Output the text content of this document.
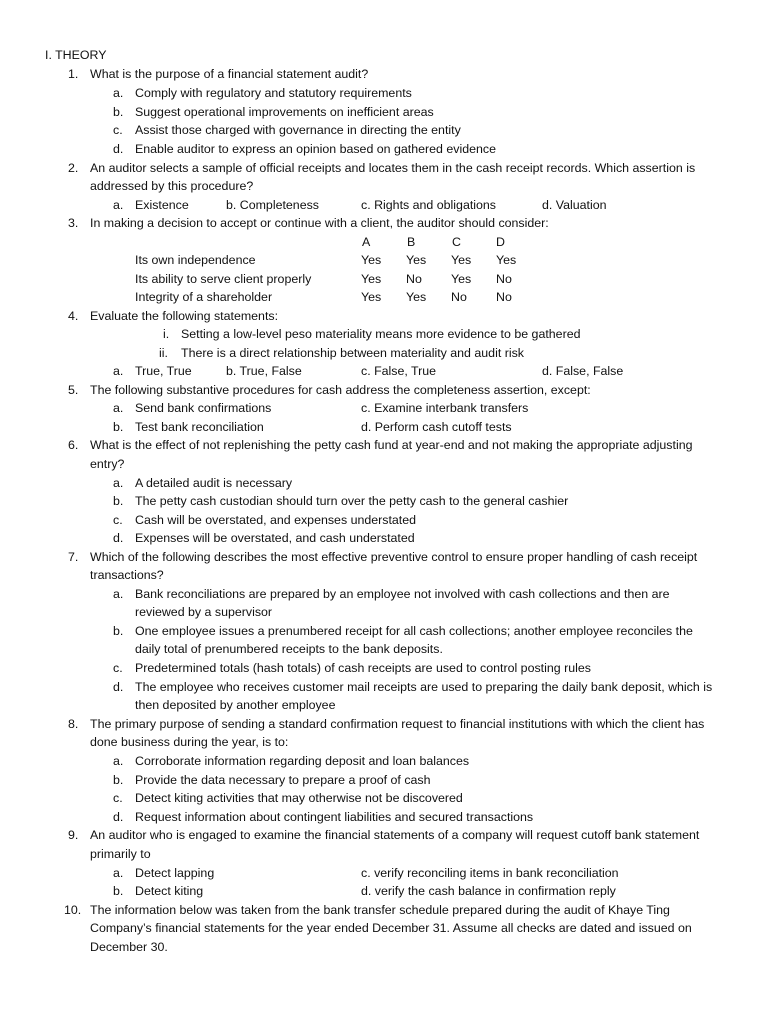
I. THEORY
1. What is the purpose of a financial statement audit?
a. Comply with regulatory and statutory requirements
b. Suggest operational improvements on inefficient areas
c. Assist those charged with governance in directing the entity
d. Enable auditor to express an opinion based on gathered evidence
2. An auditor selects a sample of official receipts and locates them in the cash receipt records. Which assertion is
addressed by this procedure?
a. Existence	b. Completeness	c. Rights and obligations	d. Valuation
3. In making a decision to accept or continue with a client, the auditor should consider:
A	B	C	D
Its own independence	Yes Yes Yes Yes
Its ability to serve client properly	Yes No Yes No
Integrity of a shareholder	Yes Yes No No
4. Evaluate the following statements:
i. Setting a low-level peso materiality means more evidence to be gathered
ii. There is a direct relationship between materiality and audit risk
a. True, True	b. True, False	c. False, True	d. False, False
5. The following substantive procedures for cash address the completeness assertion, except:
a. Send bank confirmations	c. Examine interbank transfers
b. Test bank reconciliation	d. Perform cash cutoff tests
6. What is the effect of not replenishing the petty cash fund at year-end and not making the appropriate adjusting
entry?
a. A detailed audit is necessary
b. The petty cash custodian should turn over the petty cash to the general cashier
c. Cash will be overstated, and expenses understated
d. Expenses will be overstated, and cash understated
7. Which of the following describes the most effective preventive control to ensure proper handling of cash receipt
transactions?
a. Bank reconciliations are prepared by an employee not involved with cash collections and then are
reviewed by a supervisor
b. One employee issues a prenumbered receipt for all cash collections; another employee reconciles the
daily total of prenumbered receipts to the bank deposits.
c. Predetermined totals (hash totals) of cash receipts are used to control posting rules
d. The employee who receives customer mail receipts are used to preparing the daily bank deposit, which is
then deposited by another employee
8. The primary purpose of sending a standard confirmation request to financial institutions with which the client has
done business during the year, is to:
a. Corroborate information regarding deposit and loan balances
b. Provide the data necessary to prepare a proof of cash
c. Detect kiting activities that may otherwise not be discovered
d. Request information about contingent liabilities and secured transactions
9. An auditor who is engaged to examine the financial statements of a company will request cutoff bank statement
primarily to
a. Detect lapping	c. verify reconciling items in bank reconciliation
b. Detect kiting	d. verify the cash balance in confirmation reply
10. The information below was taken from the bank transfer schedule prepared during the audit of Khaye Ting
Company’s financial statements for the year ended December 31. Assume all checks are dated and issued on
December 30.
